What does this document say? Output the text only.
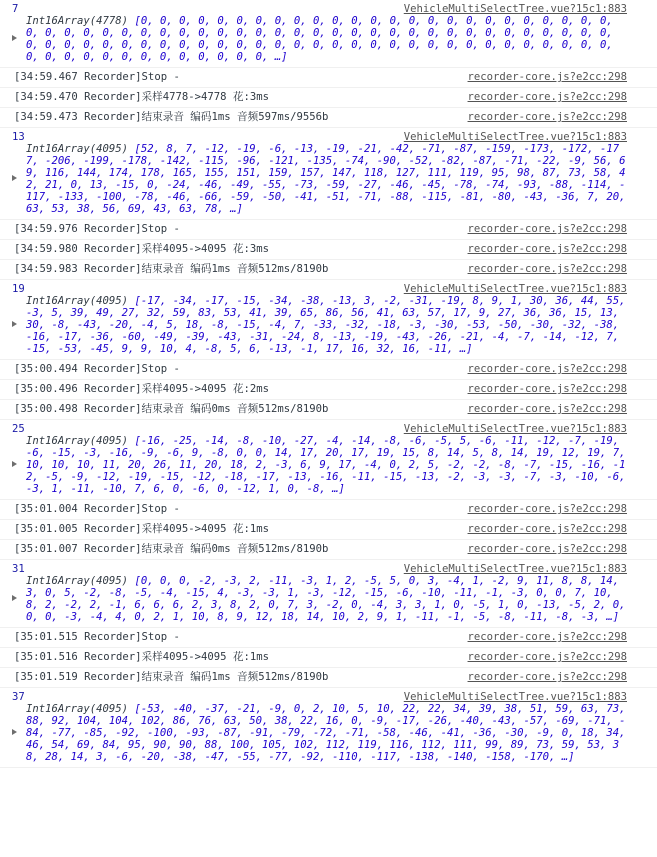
VehicleMultiSelectTree.vue?15c1:883
7
Int16Array(4778) [0, 0, 0, 0, 0, 0, 0, 0, 0, 0, 0, 0, 0, 0, 0, 0, 0, 0, 0, 0, 0, 0, 0, 0, 0, 0, 0, 0, 0, 0, 0, 0, 0, 0, 0, 0, 0, 0, 0, 0, 0, 0, 0, 0, 0, 0, 0, 0, 0, 0, 0, 0, 0, 0, 0, 0, 0, 0, 0, 0, 0, 0, 0, 0, 0, 0, 0, 0, 0, 0, 0, 0, 0, 0, 0, 0, 0, 0, 0, 0, 0, 0, 0, 0, 0, 0, 0, 0, 0, 0, 0, 0, 0, 0, 0, 0, 0, 0, 0, 0, …]
recorder-core.js?e2cc:298
[34:59.467 Recorder]Stop -
recorder-core.js?e2cc:298
[34:59.470 Recorder]采样4778->4778 花:3ms
recorder-core.js?e2cc:298
[34:59.473 Recorder]结束录音 编码1ms 音频597ms/9556b
VehicleMultiSelectTree.vue?15c1:883
13
Int16Array(4095) [52, 8, 7, -12, -19, -6, -13, -19, -21, -42, -71, -87, -159, -173, -172, -177, -206, -199, -178, -142, -115, -96, -121, -135, -74, -90, -52, -82, -87, -71, -22, -9, 56, 69, 116, 144, 174, 178, 165, 155, 151, 159, 157, 147, 118, 127, 111, 119, 95, 98, 87, 73, 58, 42, 21, 0, 13, -15, 0, -24, -46, -49, -55, -73, -59, -27, -46, -45, -78, -74, -93, -88, -114, -117, -133, -100, -78, -46, -66, -59, -50, -41, -51, -71, -88, -115, -81, -80, -43, -36, 7, 20, 63, 53, 38, 56, 69, 43, 63, 78, …]
recorder-core.js?e2cc:298
[34:59.976 Recorder]Stop -
recorder-core.js?e2cc:298
[34:59.980 Recorder]采样4095->4095 花:3ms
recorder-core.js?e2cc:298
[34:59.983 Recorder]结束录音 编码1ms 音频512ms/8190b
VehicleMultiSelectTree.vue?15c1:883
19
Int16Array(4095) [-17, -34, -17, -15, -34, -38, -13, 3, -2, -31, -19, 8, 9, 1, 30, 36, 44, 55, -3, 5, 39, 49, 27, 32, 59, 83, 53, 41, 39, 65, 86, 56, 41, 63, 57, 17, 9, 27, 36, 36, 15, 13, 30, -8, -43, -20, -4, 5, 18, -8, -15, -4, 7, -33, -32, -18, -3, -30, -53, -50, -30, -32, -38, -16, -17, -36, -60, -49, -39, -43, -31, -24, 8, -13, -19, -43, -26, -21, -4, -7, -14, -12, 7, -15, -53, -45, 9, 9, 10, 4, -8, 5, 6, -13, -1, 17, 16, 32, 16, -11, …]
recorder-core.js?e2cc:298
[35:00.494 Recorder]Stop -
recorder-core.js?e2cc:298
[35:00.496 Recorder]采样4095->4095 花:2ms
recorder-core.js?e2cc:298
[35:00.498 Recorder]结束录音 编码0ms 音频512ms/8190b
VehicleMultiSelectTree.vue?15c1:883
25
Int16Array(4095) [-16, -25, -14, -8, -10, -27, -4, -14, -8, -6, -5, 5, -6, -11, -12, -7, -19, -6, -15, -3, -16, -9, -6, 9, -8, 0, 0, 14, 17, 20, 17, 19, 15, 8, 14, 5, 8, 14, 19, 12, 19, 7, 10, 10, 10, 11, 20, 26, 11, 20, 18, 2, -3, 6, 9, 17, -4, 0, 2, 5, -2, -2, -8, -7, -15, -16, -12, -5, -9, -12, -19, -15, -12, -18, -17, -13, -16, -11, -15, -13, -2, -3, -3, -7, -3, -10, -6, -3, 1, -11, -10, 7, 6, 0, -6, 0, -12, 1, 0, -8, …]
recorder-core.js?e2cc:298
[35:01.004 Recorder]Stop -
recorder-core.js?e2cc:298
[35:01.005 Recorder]采样4095->4095 花:1ms
recorder-core.js?e2cc:298
[35:01.007 Recorder]结束录音 编码0ms 音频512ms/8190b
VehicleMultiSelectTree.vue?15c1:883
31
Int16Array(4095) [0, 0, 0, -2, -3, 2, -11, -3, 1, 2, -5, 5, 0, 3, -4, 1, -2, 9, 11, 8, 8, 14, 3, 0, 5, -2, -8, -5, -4, -15, 4, -3, -3, 1, -3, -12, -15, -6, -10, -11, -1, -3, 0, 0, 7, 10, 8, 2, -2, 2, -1, 6, 6, 6, 2, 3, 8, 2, 0, 7, 3, -2, 0, -4, 3, 3, 1, 0, -5, 1, 0, -13, -5, 2, 0, 0, 0, -3, -4, 4, 0, 2, 1, 10, 8, 9, 12, 18, 14, 10, 2, 9, 1, -11, -1, -5, -8, -11, -8, -3, …]
recorder-core.js?e2cc:298
[35:01.515 Recorder]Stop -
recorder-core.js?e2cc:298
[35:01.516 Recorder]采样4095->4095 花:1ms
recorder-core.js?e2cc:298
[35:01.519 Recorder]结束录音 编码1ms 音频512ms/8190b
VehicleMultiSelectTree.vue?15c1:883
37
Int16Array(4095) [-53, -40, -37, -21, -9, 0, 2, 10, 5, 10, 22, 22, 34, 39, 38, 51, 59, 63, 73, 88, 92, 104, 104, 102, 86, 76, 63, 50, 38, 22, 16, 0, -9, -17, -26, -40, -43, -57, -69, -71, -84, -77, -85, -92, -100, -93, -87, -91, -79, -72, -71, -58, -46, -41, -36, -30, -9, 0, 18, 34, 46, 54, 69, 84, 95, 90, 90, 88, 100, 105, 102, 112, 119, 116, 112, 111, 99, 89, 73, 59, 53, 38, 28, 14, 3, -6, -20, -38, -47, -55, -77, -92, -110, -117, -138, -140, -158, -170, …]
